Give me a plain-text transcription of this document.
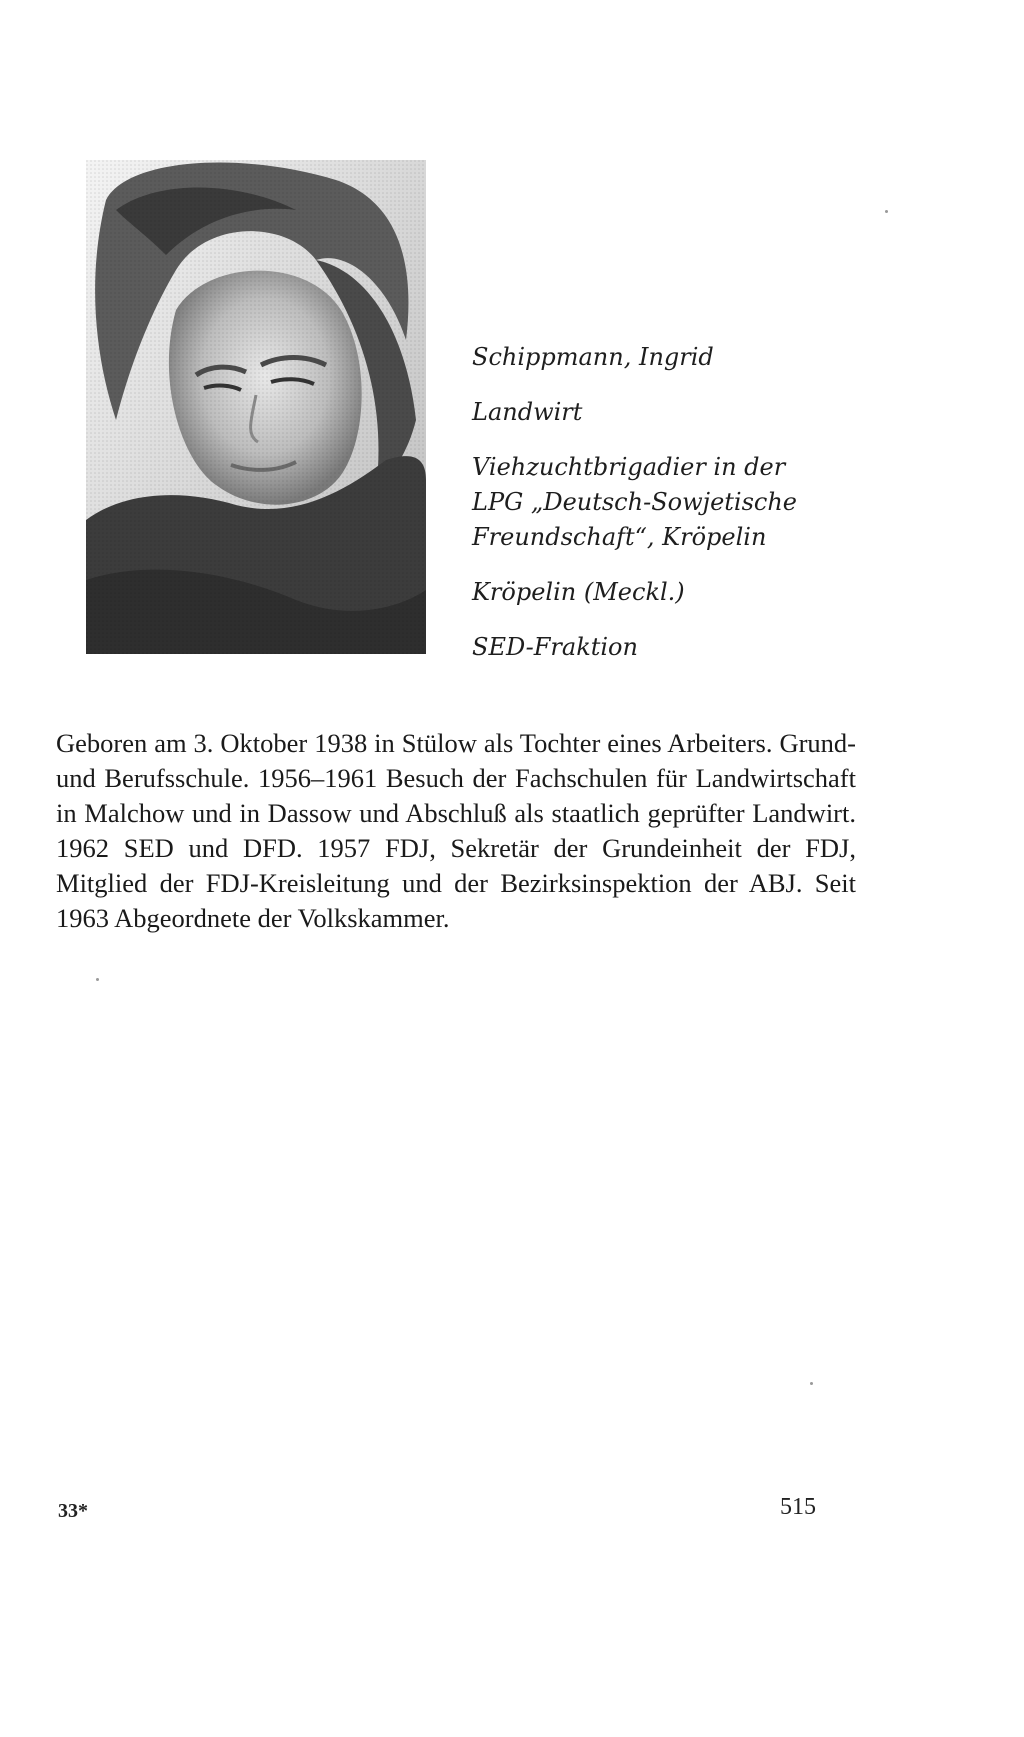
Schippmann, Ingrid
Landwirt
Viehzuchtbrigadier in der
LPG „Deutsch-Sowjetische
Freundschaft“, Kröpelin
Kröpelin (Meckl.)
SED-Fraktion
Geboren am 3. Oktober 1938 in Stülow als Tochter eines Arbeiters. Grund- und Berufsschule. 1956–1961 Besuch der Fachschulen für Landwirtschaft in Malchow und in Dassow und Abschluß als staatlich geprüfter Landwirt. 1962 SED und DFD. 1957 FDJ, Sekretär der Grundeinheit der FDJ, Mitglied der FDJ-Kreisleitung und der Bezirksinspektion der ABJ. Seit 1963 Abgeordnete der Volkskammer.
33*	515
